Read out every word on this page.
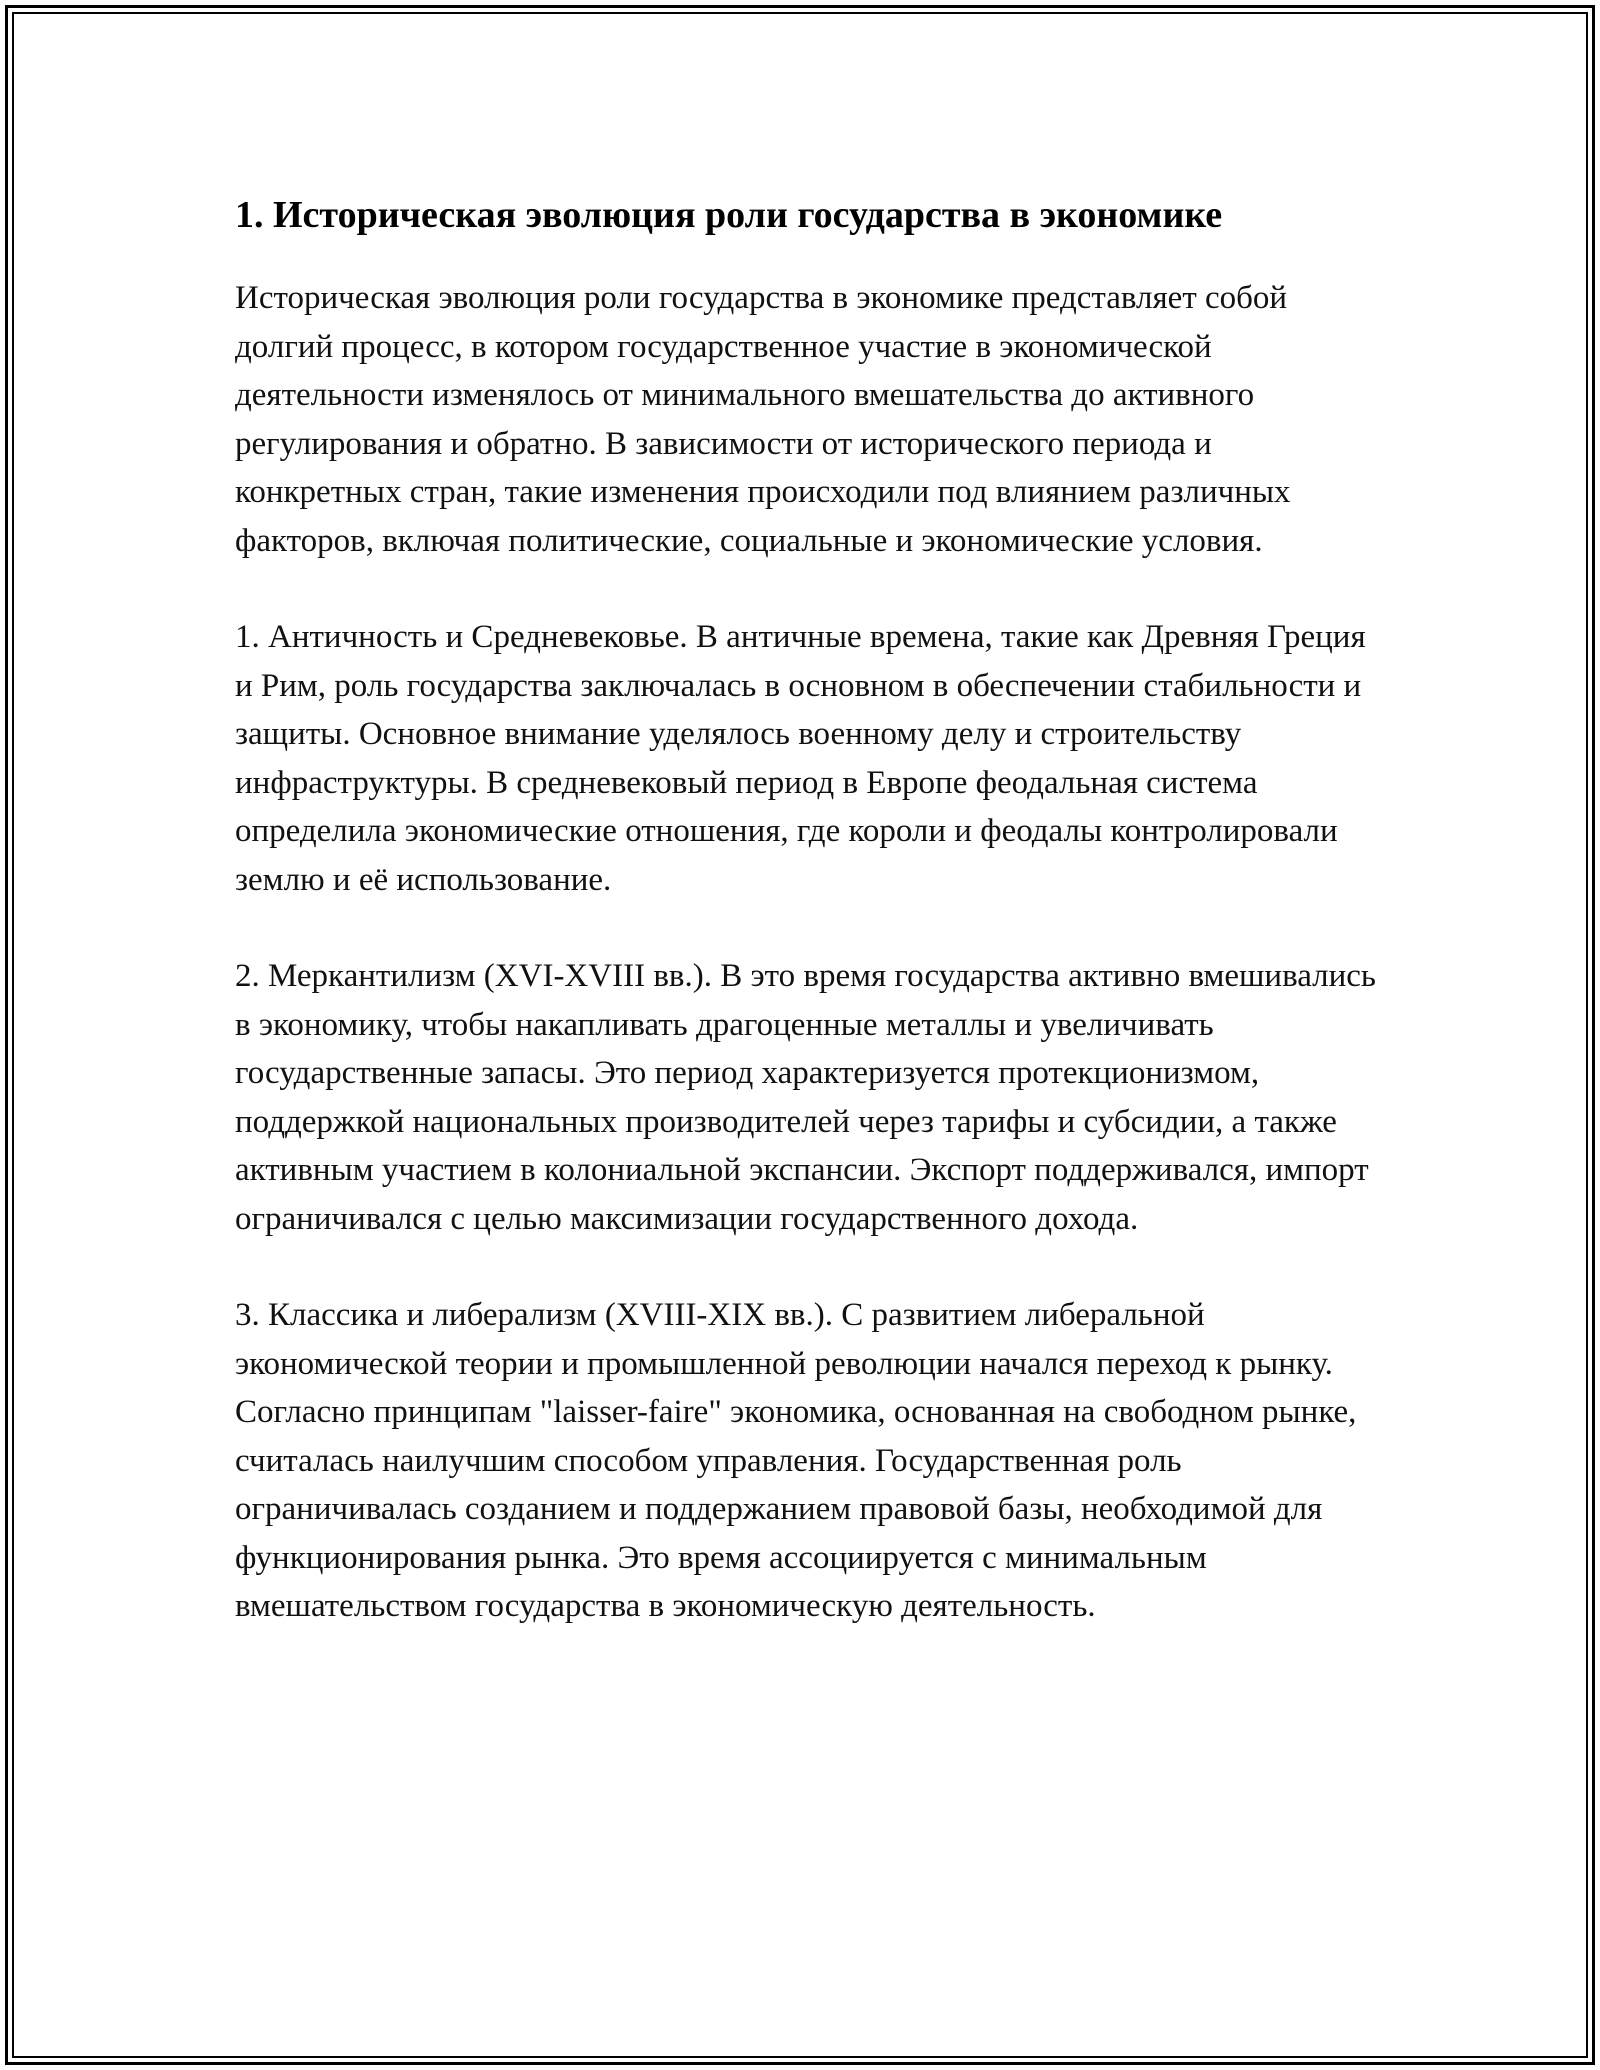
1. Историческая эволюция роли государства в экономике

Историческая эволюция роли государства в экономике представляет собой долгий процесс, в котором государственное участие в экономической деятельности изменялось от минимального вмешательства до активного регулирования и обратно. В зависимости от исторического периода и конкретных стран, такие изменения происходили под влиянием различных факторов, включая политические, социальные и экономические условия.

1. Античность и Средневековье. В античные времена, такие как Древняя Греция и Рим, роль государства заключалась в основном в обеспечении стабильности и защиты. Основное внимание уделялось военному делу и строительству инфраструктуры. В средневековый период в Европе феодальная система определила экономические отношения, где короли и феодалы контролировали землю и её использование.

2. Меркантилизм (XVI-XVIII вв.). В это время государства активно вмешивались в экономику, чтобы накапливать драгоценные металлы и увеличивать государственные запасы. Это период характеризуется протекционизмом, поддержкой национальных производителей через тарифы и субсидии, а также активным участием в колониальной экспансии. Экспорт поддерживался, импорт ограничивался с целью максимизации государственного дохода.

3. Классика и либерализм (XVIII-XIX вв.). С развитием либеральной экономической теории и промышленной революции начался переход к рынку. Согласно принципам "laisser-faire" экономика, основанная на свободном рынке, считалась наилучшим способом управления. Государственная роль ограничивалась созданием и поддержанием правовой базы, необходимой для функционирования рынка. Это время ассоциируется с минимальным вмешательством государства в экономическую деятельность.
